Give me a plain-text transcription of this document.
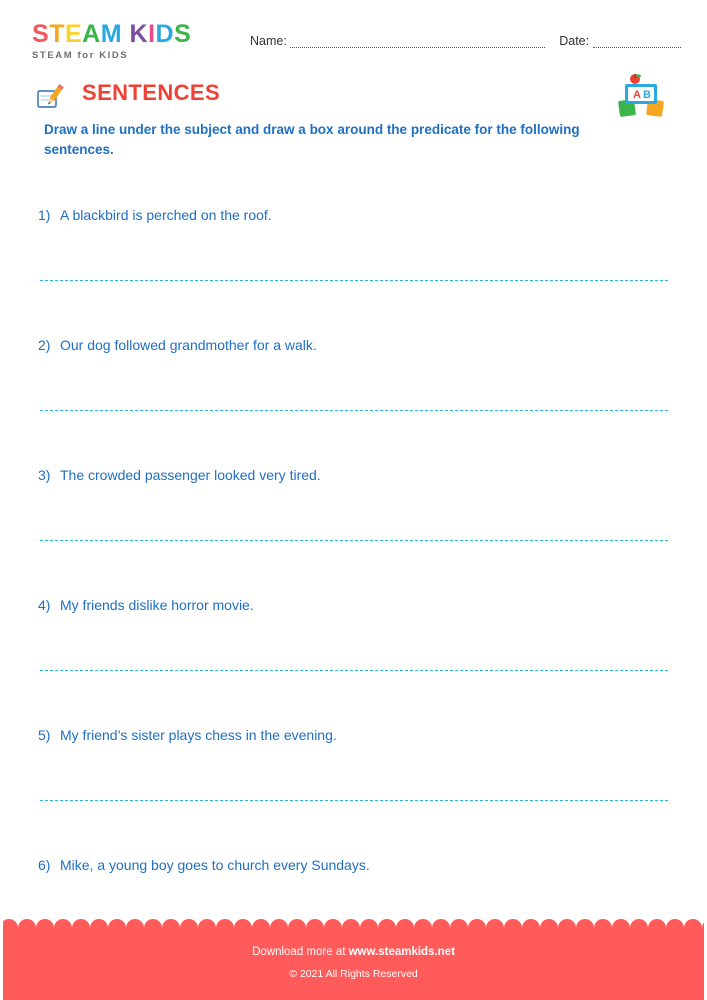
STEAM KIDS
STEAM for KIDS
Name:	Date:
SENTENCES	A B
Draw a line under the subject and draw a box around the predicate for the following sentences.
1) A blackbird is perched on the roof.
2) Our dog followed grandmother for a walk.
3) The crowded passenger looked very tired.
4) My friends dislike horror movie.
5) My friend’s sister plays chess in the evening.
6) Mike, a young boy goes to church every Sundays.
Download more at www.steamkids.net
© 2021 All Rights Reserved
